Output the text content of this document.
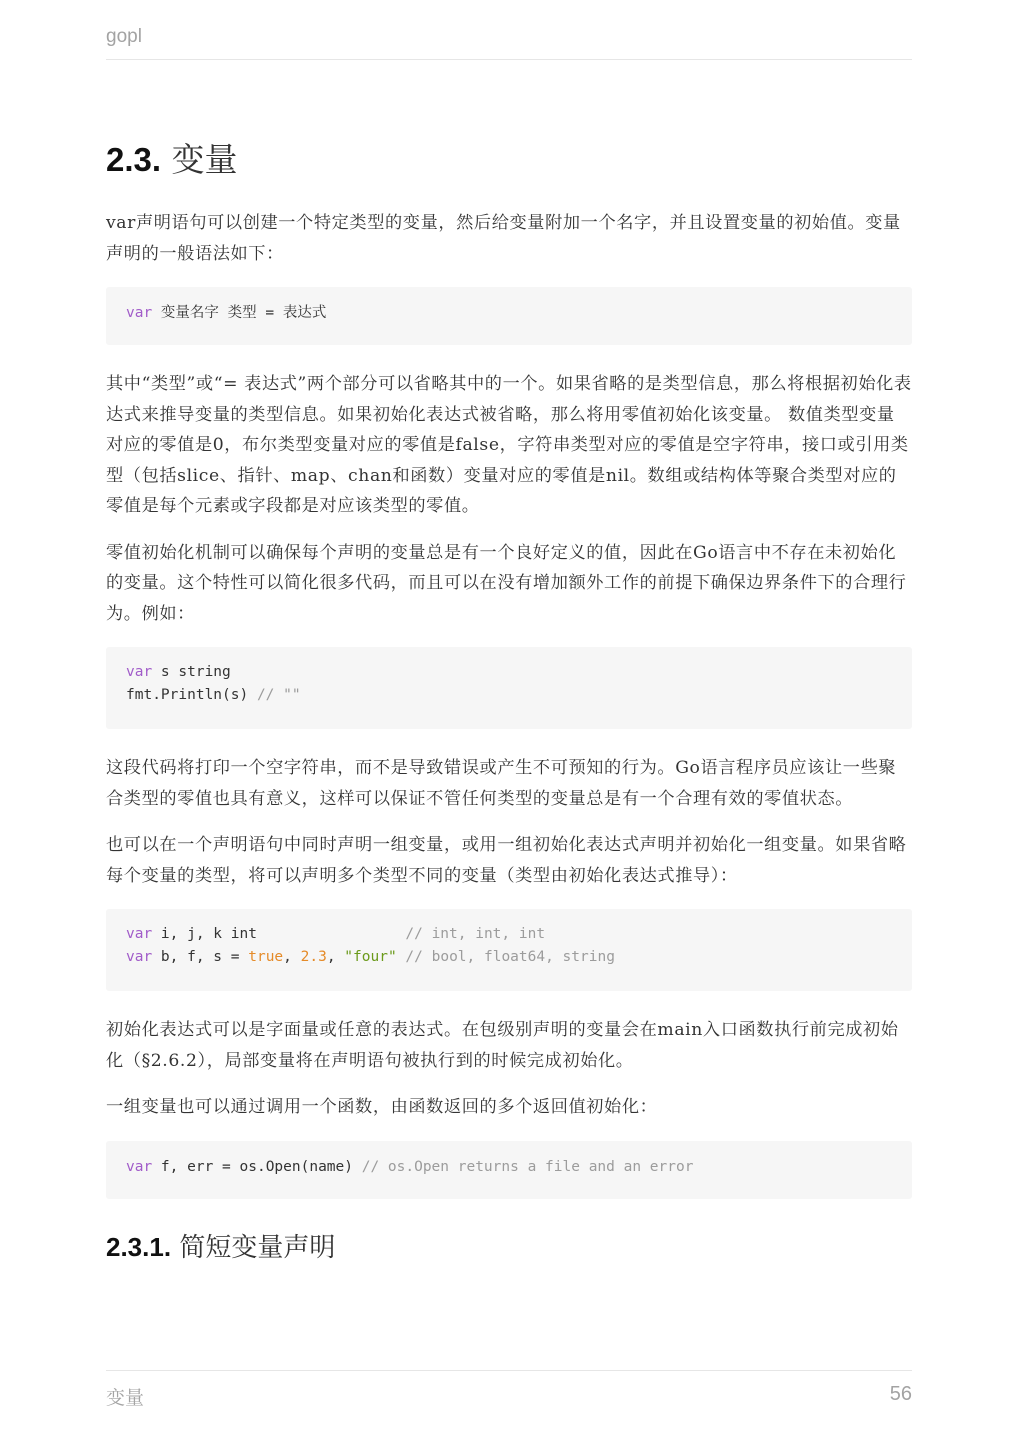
gopl
2.3. 变量

var声明语句可以创建一个特定类型的变量，然后给变量附加一个名字，并且设置变量的初始值。变量声明的一般语法如下：

var 变量名字 类型 = 表达式

其中“类型”或“= 表达式”两个部分可以省略其中的一个。如果省略的是类型信息，那么将根据初始化表达式来推导变量的类型信息。如果初始化表达式被省略，那么将用零值初始化该变量。 数值类型变量对应的零值是0，布尔类型变量对应的零值是false，字符串类型对应的零值是空字符串，接口或引用类型（包括slice、指针、map、chan和函数）变量对应的零值是nil。数组或结构体等聚合类型对应的零值是每个元素或字段都是对应该类型的零值。

零值初始化机制可以确保每个声明的变量总是有一个良好定义的值，因此在Go语言中不存在未初始化的变量。这个特性可以简化很多代码，而且可以在没有增加额外工作的前提下确保边界条件下的合理行为。例如：

var s string
fmt.Println(s) // ""

这段代码将打印一个空字符串，而不是导致错误或产生不可预知的行为。Go语言程序员应该让一些聚合类型的零值也具有意义，这样可以保证不管任何类型的变量总是有一个合理有效的零值状态。

也可以在一个声明语句中同时声明一组变量，或用一组初始化表达式声明并初始化一组变量。如果省略每个变量的类型，将可以声明多个类型不同的变量（类型由初始化表达式推导）：

var i, j, k int                 // int, int, int
var b, f, s = true, 2.3, "four" // bool, float64, string

初始化表达式可以是字面量或任意的表达式。在包级别声明的变量会在main入口函数执行前完成初始化（§2.6.2），局部变量将在声明语句被执行到的时候完成初始化。

一组变量也可以通过调用一个函数，由函数返回的多个返回值初始化：

var f, err = os.Open(name) // os.Open returns a file and an error
2.3.1. 简短变量声明
变量	56
